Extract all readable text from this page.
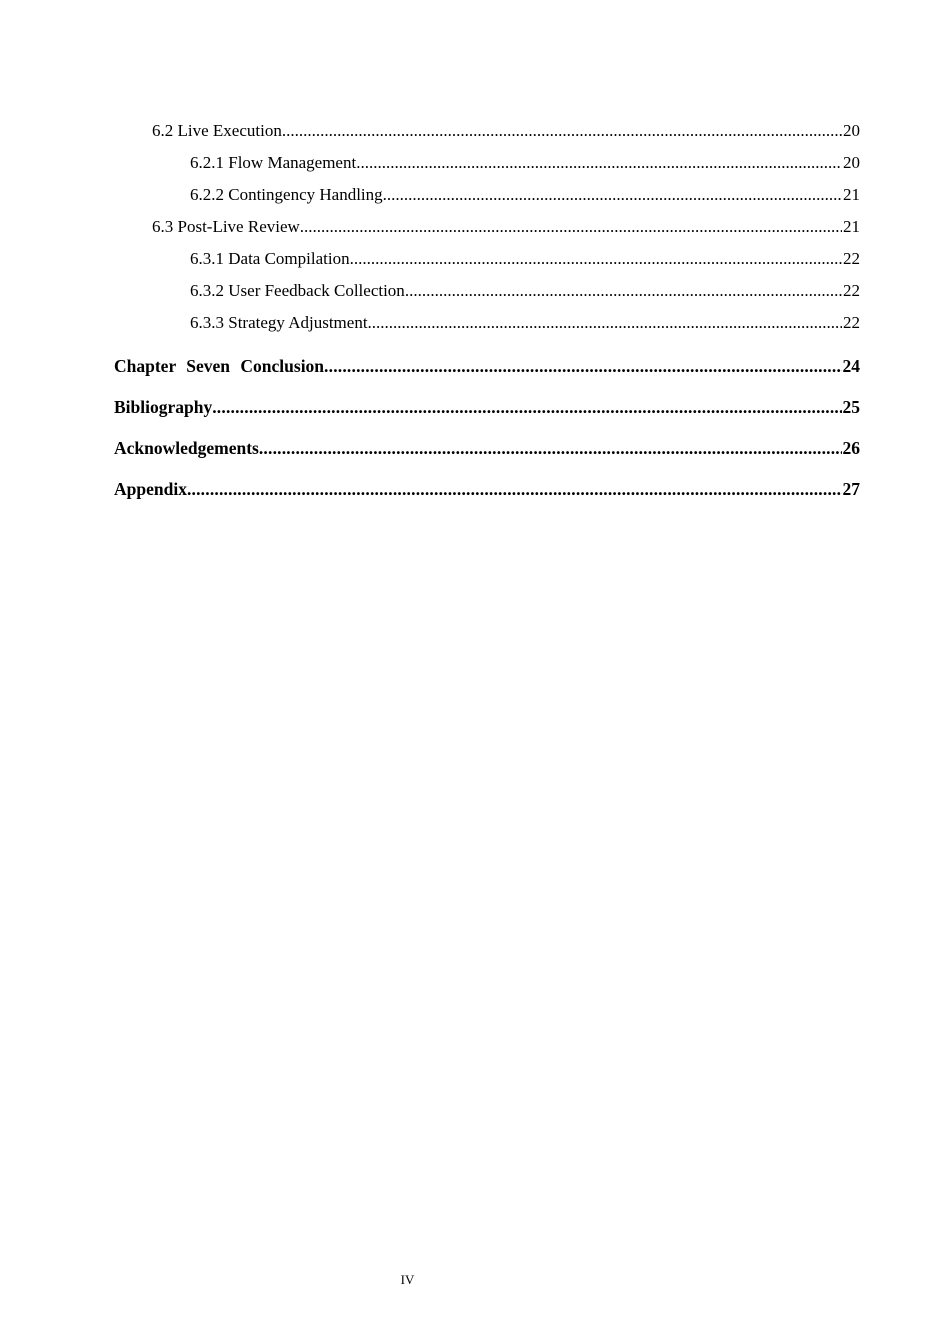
6.2 Live Execution .....	20
6.2.1 Flow Management .....	20
6.2.2 Contingency Handling .....	21
6.3 Post-Live Review .....	21
6.3.1 Data Compilation .....	22
6.3.2 User Feedback Collection .....	22
6.3.3 Strategy Adjustment .....	22
Chapter Seven Conclusion .....	24
Bibliography .....	25
Acknowledgements .....	26
Appendix .....	27
IV
